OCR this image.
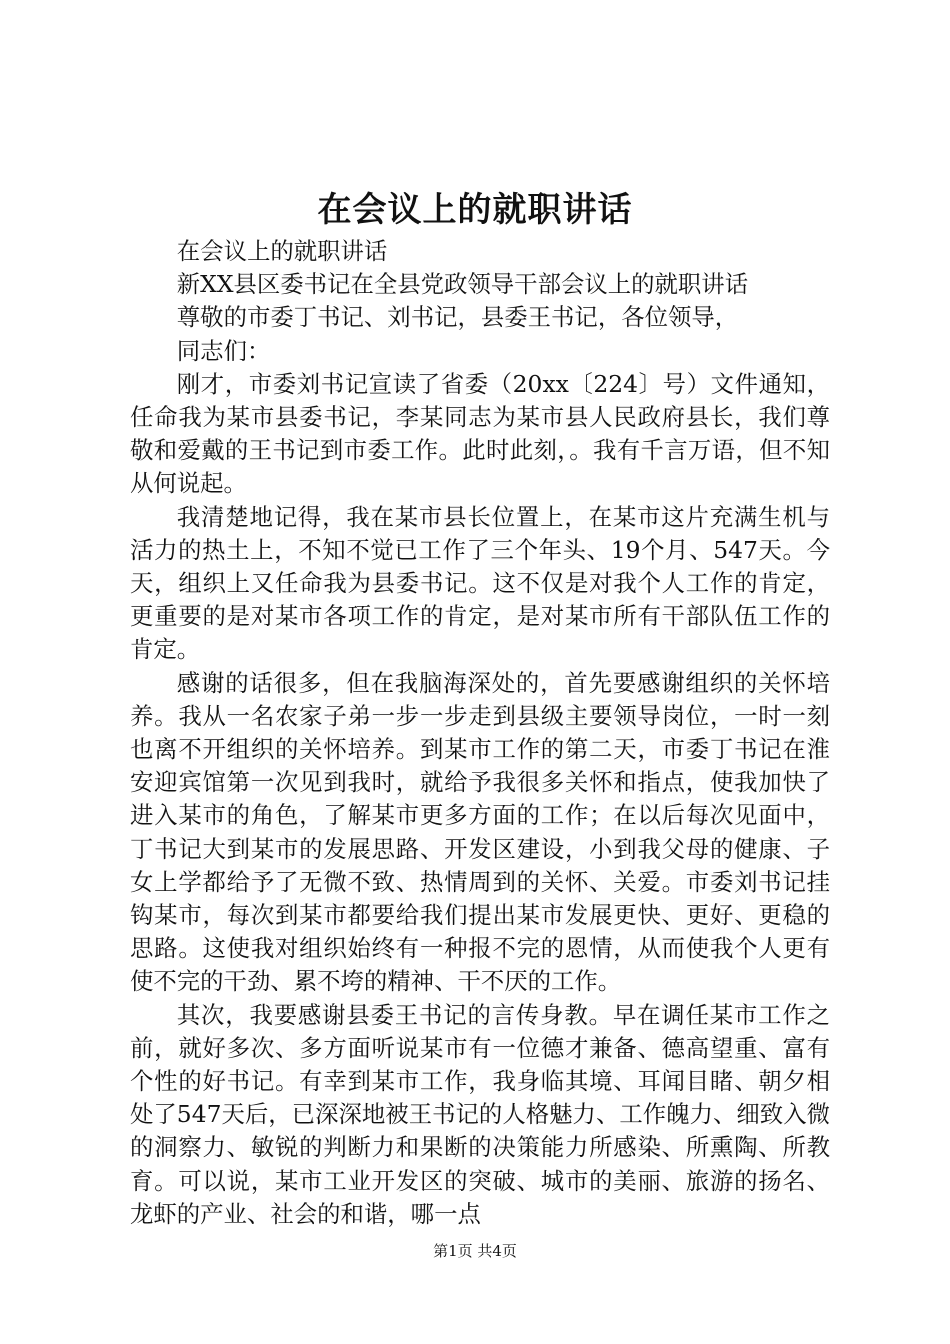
在会议上的就职讲话

在会议上的就职讲话

新XX县区委书记在全县党政领导干部会议上的就职讲话

尊敬的市委丁书记、刘书记，县委王书记，各位领导，

同志们：

刚才，市委刘书记宣读了省委（20xx〔224〕号）文件通知，任命我为某市县委书记，李某同志为某市县人民政府县长，我们尊敬和爱戴的王书记到市委工作。此时此刻，。我有千言万语，但不知从何说起。

我清楚地记得，我在某市县长位置上，在某市这片充满生机与活力的热土上，不知不觉已工作了三个年头、19个月、547天。今天，组织上又任命我为县委书记。这不仅是对我个人工作的肯定，更重要的是对某市各项工作的肯定，是对某市所有干部队伍工作的肯定。

感谢的话很多，但在我脑海深处的，首先要感谢组织的关怀培养。我从一名农家子弟一步一步走到县级主要领导岗位，一时一刻也离不开组织的关怀培养。到某市工作的第二天，市委丁书记在淮安迎宾馆第一次见到我时，就给予我很多关怀和指点，使我加快了进入某市的角色，了解某市更多方面的工作；在以后每次见面中，丁书记大到某市的发展思路、开发区建设，小到我父母的健康、子女上学都给予了无微不致、热情周到的关怀、关爱。市委刘书记挂钩某市，每次到某市都要给我们提出某市发展更快、更好、更稳的思路。这使我对组织始终有一种报不完的恩情，从而使我个人更有使不完的干劲、累不垮的精神、干不厌的工作。

其次，我要感谢县委王书记的言传身教。早在调任某市工作之前，就好多次、多方面听说某市有一位德才兼备、德高望重、富有个性的好书记。有幸到某市工作，我身临其境、耳闻目睹、朝夕相处了547天后，已深深地被王书记的人格魅力、工作魄力、细致入微的洞察力、敏锐的判断力和果断的决策能力所感染、所熏陶、所教育。可以说，某市工业开发区的突破、城市的美丽、旅游的扬名、龙虾的产业、社会的和谐，哪一点

第1页 共4页
